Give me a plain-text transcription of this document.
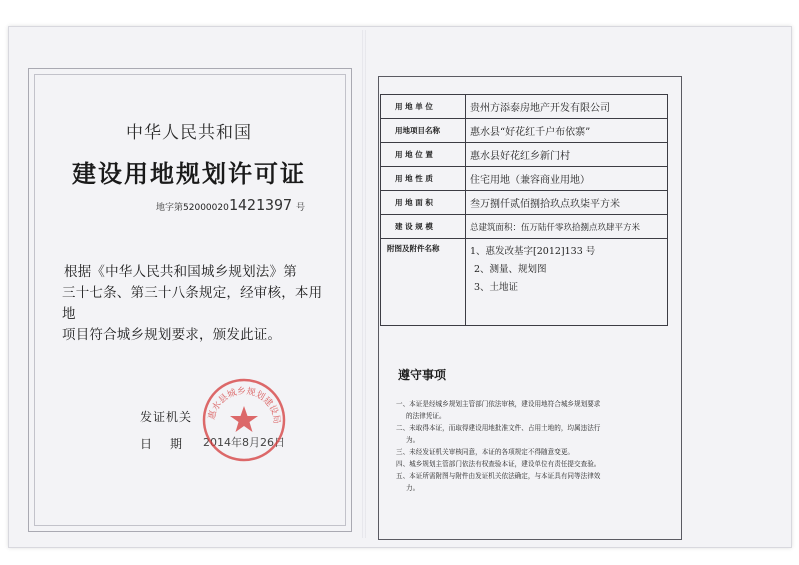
中华人民共和国
建设用地规划许可证
地字第520000201421397 号
根据《中华人民共和国城乡规划法》第
三十七条、第三十八条规定，经审核，本用地
项目符合城乡规划要求，颁发此证。
发证机关
日 期 2014年8月26日
惠水县城乡规划建设局
用 地 单 位	贵州方添泰房地产开发有限公司
用地项目名称	惠水县“好花红千户布依寨”
用 地 位 置	惠水县好花红乡新门村
用 地 性 质	住宅用地（兼容商业用地）
用 地 面 积	叁万捌仟贰佰捌拾玖点玖柒平方米
建 设 规 模	总建筑面积：伍万陆仟零玖拾捌点玖肆平方米
附图及附件名称	1、惠发改基字[2012]133 号
2、测量、规划图
3、土地证
遵守事项
一、本证是经城乡规划主管部门依法审核，建设用地符合城乡规划要求
的法律凭证。
二、未取得本证，而取得建设用地批准文件、占用土地的，均属违法行
为。
三、未经发证机关审核同意，本证的各项规定不得随意变更。
四、城乡规划主管部门依法有权查验本证，建设单位有责任提交查验。
五、本证所需附图与附件由发证机关依法确定，与本证具有同等法律效
力。
